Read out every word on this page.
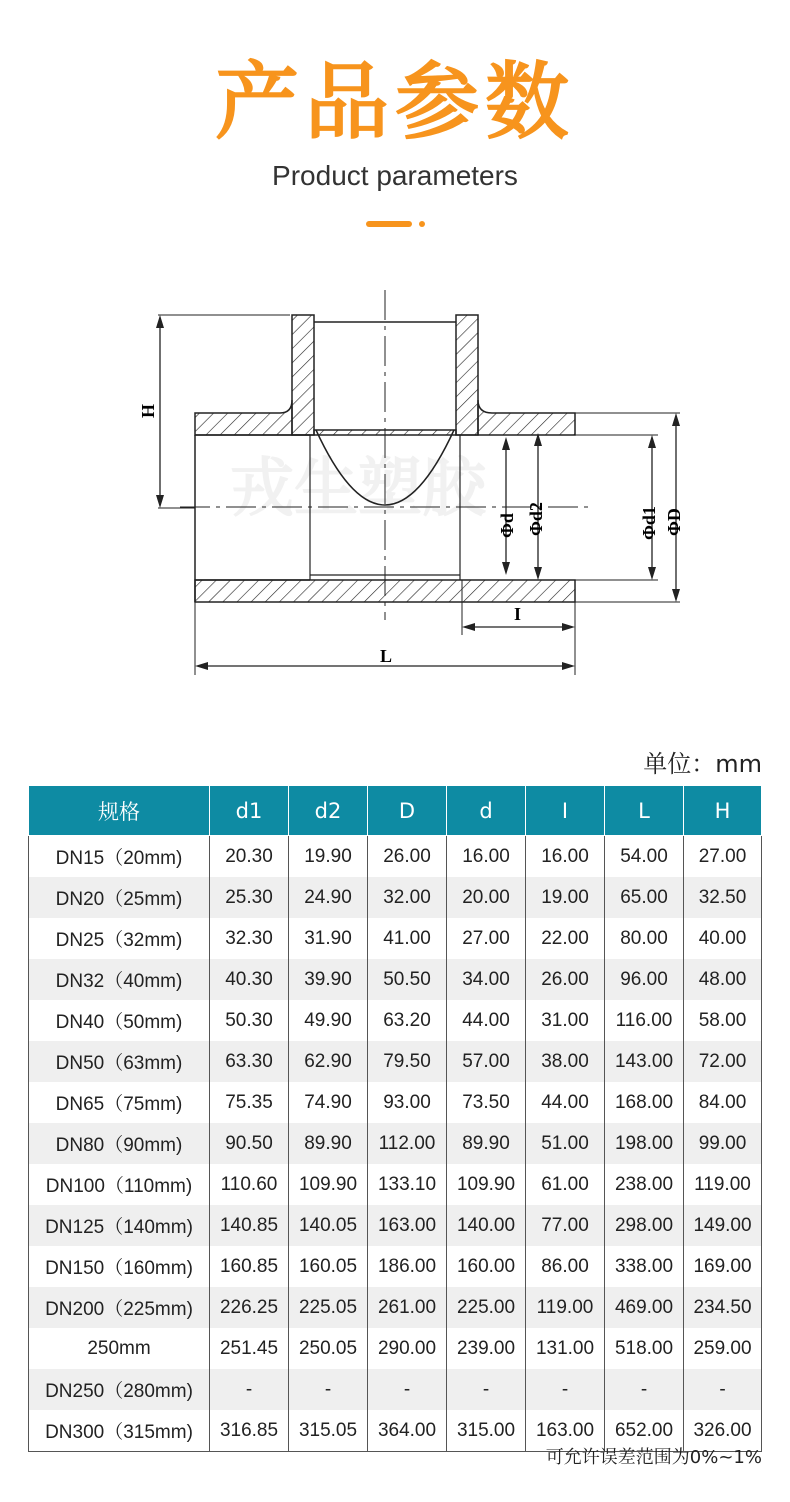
产品参数
Product parameters
戎生塑胶
H
L
I
Φd Φd2	Φd1 ΦD
单位：mm
规格	d1	d2	D	d	I	L	H
DN15（20mm)	20.30	19.90	26.00	16.00	16.00	54.00	27.00
DN20（25mm)	25.30	24.90	32.00	20.00	19.00	65.00	32.50
DN25（32mm)	32.30	31.90	41.00	27.00	22.00	80.00	40.00
DN32（40mm)	40.30	39.90	50.50	34.00	26.00	96.00	48.00
DN40（50mm)	50.30	49.90	63.20	44.00	31.00	116.00	58.00
DN50（63mm)	63.30	62.90	79.50	57.00	38.00	143.00	72.00
DN65（75mm)	75.35	74.90	93.00	73.50	44.00	168.00	84.00
DN80（90mm)	90.50	89.90	112.00	89.90	51.00	198.00	99.00
DN100（110mm)	110.60	109.90	133.10	109.90	61.00	238.00	119.00
DN125（140mm)	140.85	140.05	163.00	140.00	77.00	298.00	149.00
DN150（160mm)	160.85	160.05	186.00	160.00	86.00	338.00	169.00
DN200（225mm)	226.25	225.05	261.00	225.00	119.00	469.00	234.50
250mm	251.45	250.05	290.00	239.00	131.00	518.00	259.00
DN250（280mm)	-	-	-	-	-	-	-
DN300（315mm)	316.85	315.05	364.00	315.00	163.00	652.00	326.00
可允许误差范围为0%~1%
